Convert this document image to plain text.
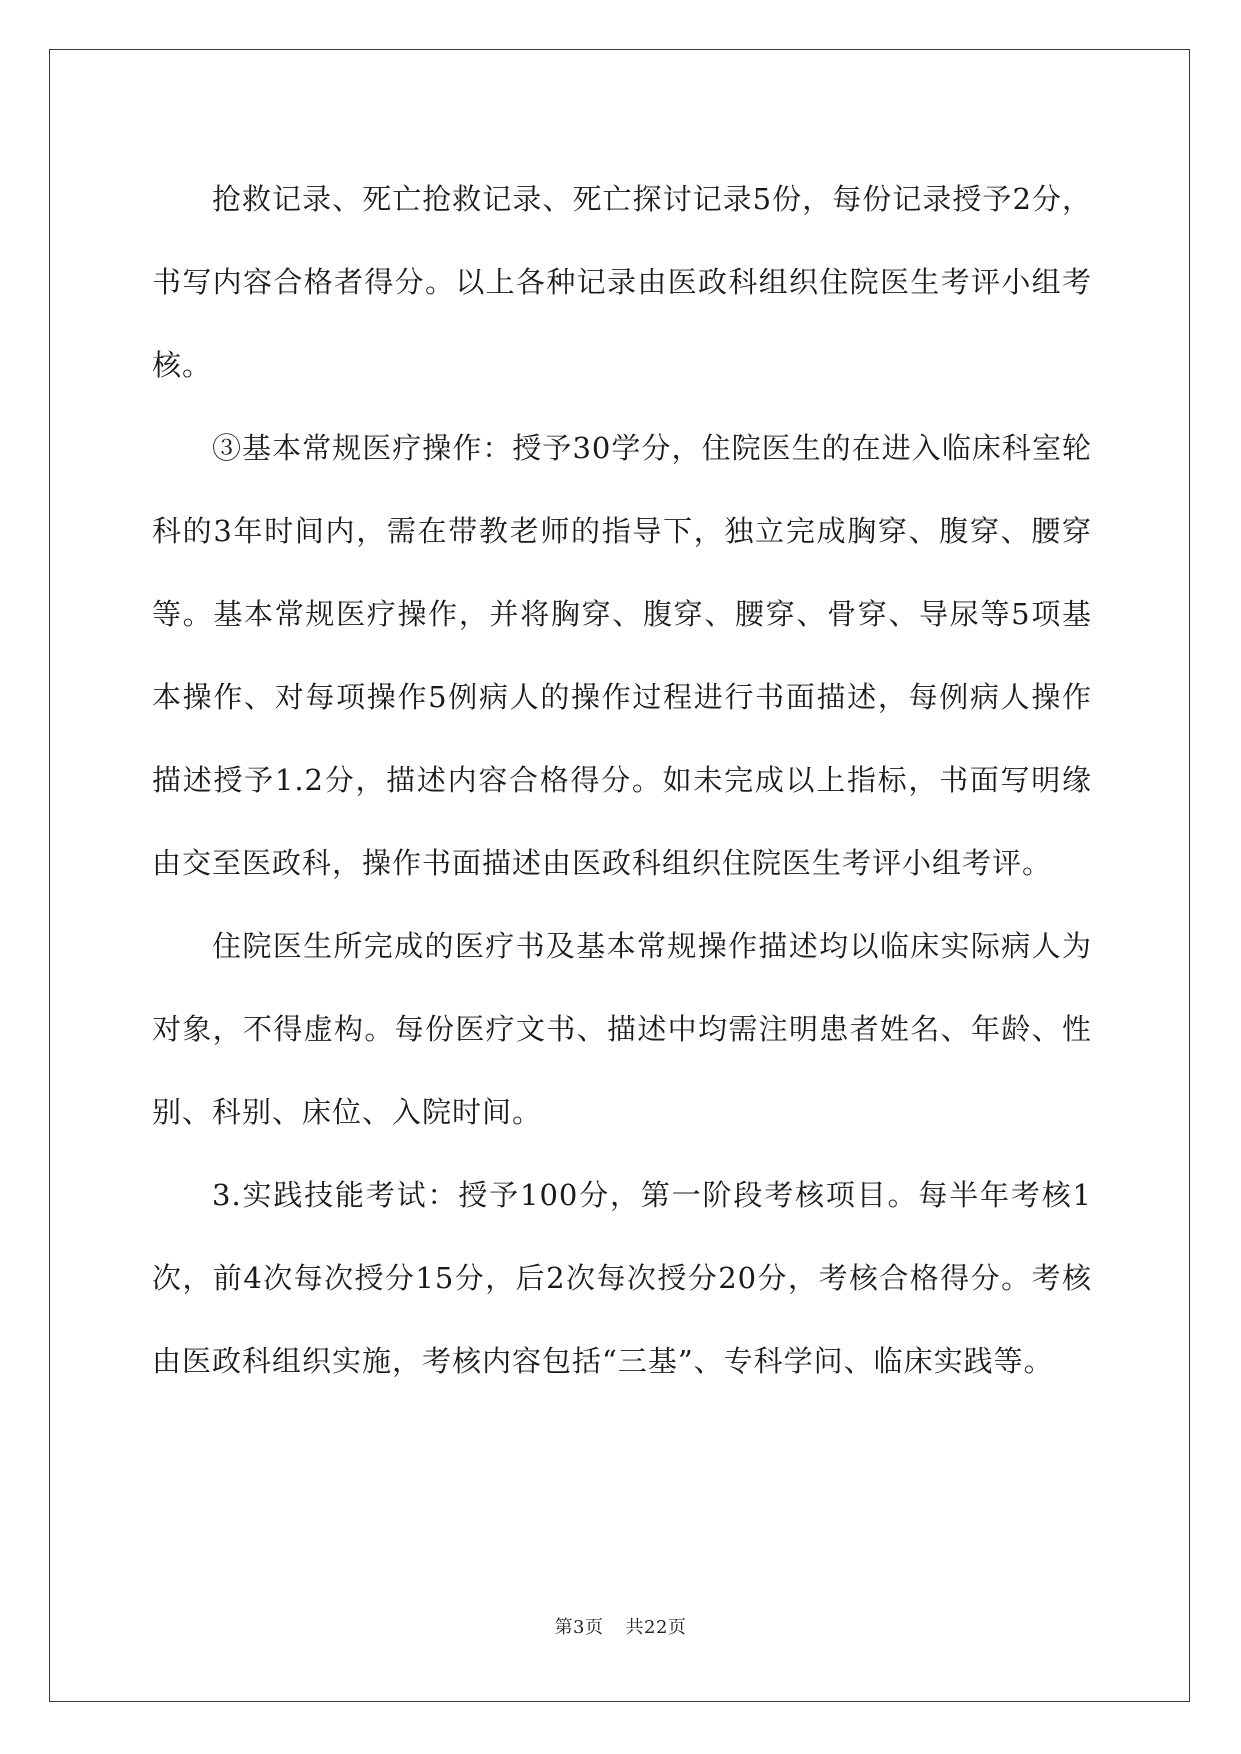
抢救记录、死亡抢救记录、死亡探讨记录5份，每份记录授予2分，书写内容合格者得分。以上各种记录由医政科组织住院医生考评小组考核。

③基本常规医疗操作：授予30学分，住院医生的在进入临床科室轮科的3年时间内，需在带教老师的指导下，独立完成胸穿、腹穿、腰穿等。基本常规医疗操作，并将胸穿、腹穿、腰穿、骨穿、导尿等5项基本操作、对每项操作5例病人的操作过程进行书面描述，每例病人操作描述授予1.2分，描述内容合格得分。如未完成以上指标，书面写明缘由交至医政科，操作书面描述由医政科组织住院医生考评小组考评。

住院医生所完成的医疗书及基本常规操作描述均以临床实际病人为对象，不得虚构。每份医疗文书、描述中均需注明患者姓名、年龄、性别、科别、床位、入院时间。

3.实践技能考试：授予100分，第一阶段考核项目。每半年考核1次，前4次每次授分15分，后2次每次授分20分，考核合格得分。考核由医政科组织实施，考核内容包括“三基”、专科学问、临床实践等。

第3页 共22页
